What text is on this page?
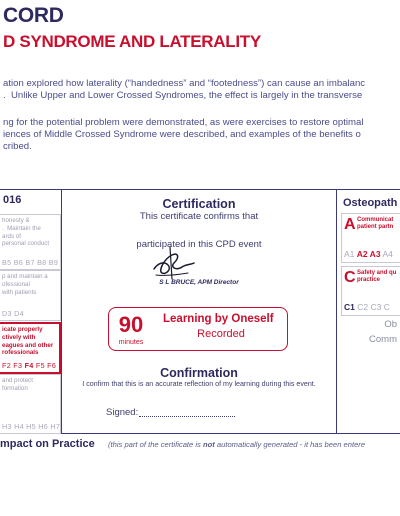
CORD
D SYNDROME AND LATERALITY
ation explored how laterality (“handedness” and “footedness”) can cause an imbalanc
.  Unlike Upper and Lower Crossed Syndromes, the effect is largely in the transverse
ng for the potential problem were demonstrated, as were exercises to restore optimal
iences of Middle Crossed Syndrome were described, and examples of the benefits o
cribed.
016
honesty &
.  Maintain the
ards of
personal conduct
B5 B6 B7 B8 B9
p and maintain a
ofessional
with patients
D3 D4
icate properly
ctively with
eagues and other
rofessionals
F2 F3 F4 F5 F6
and protect
formation
H3 H4 H5 H6 H7
Certification
This certificate confirms that
participated in this CPD event
S L BRUCE, APM Director
90
minutes
Learning by Oneself
Recorded
Confirmation
I confirm that this is an accurate reflection of my learning during this event.
Signed:
Osteopath
A Communicat
patient partn
A1 A2 A3 A4
C Safety and qu
practice
C1 C2 C3 C
Ob
Comm
mpact on Practice (this part of the certificate is not automatically generated - it has been entere
